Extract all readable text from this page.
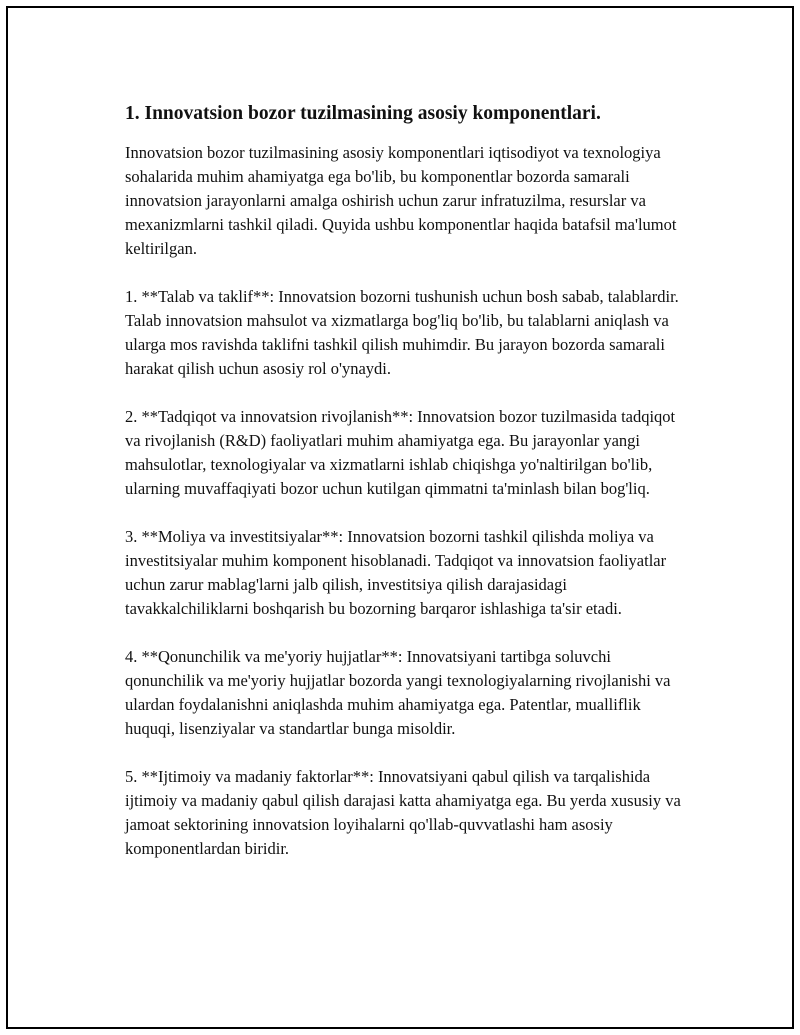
1. Innovatsion bozor tuzilmasining asosiy komponentlari.

Innovatsion bozor tuzilmasining asosiy komponentlari iqtisodiyot va texnologiya sohalarida muhim ahamiyatga ega bo'lib, bu komponentlar bozorda samarali innovatsion jarayonlarni amalga oshirish uchun zarur infratuzilma, resurslar va mexanizmlarni tashkil qiladi. Quyida ushbu komponentlar haqida batafsil ma'lumot keltirilgan.

1. **Talab va taklif**: Innovatsion bozorni tushunish uchun bosh sabab, talablardir. Talab innovatsion mahsulot va xizmatlarga bog'liq bo'lib, bu talablarni aniqlash va ularga mos ravishda taklifni tashkil qilish muhimdir. Bu jarayon bozorda samarali harakat qilish uchun asosiy rol o'ynaydi.

2. **Tadqiqot va innovatsion rivojlanish**: Innovatsion bozor tuzilmasida tadqiqot va rivojlanish (R&D) faoliyatlari muhim ahamiyatga ega. Bu jarayonlar yangi mahsulotlar, texnologiyalar va xizmatlarni ishlab chiqishga yo'naltirilgan bo'lib, ularning muvaffaqiyati bozor uchun kutilgan qimmatni ta'minlash bilan bog'liq.

3. **Moliya va investitsiyalar**: Innovatsion bozorni tashkil qilishda moliya va investitsiyalar muhim komponent hisoblanadi. Tadqiqot va innovatsion faoliyatlar uchun zarur mablag'larni jalb qilish, investitsiya qilish darajasidagi tavakkalchiliklarni boshqarish bu bozorning barqaror ishlashiga ta'sir etadi.

4. **Qonunchilik va me'yoriy hujjatlar**: Innovatsiyani tartibga soluvchi qonunchilik va me'yoriy hujjatlar bozorda yangi texnologiyalarning rivojlanishi va ulardan foydalanishni aniqlashda muhim ahamiyatga ega. Patentlar, mualliflik huquqi, lisenziyalar va standartlar bunga misoldir.

5. **Ijtimoiy va madaniy faktorlar**: Innovatsiyani qabul qilish va tarqalishida ijtimoiy va madaniy qabul qilish darajasi katta ahamiyatga ega. Bu yerda xususiy va jamoat sektorining innovatsion loyihalarni qo'llab-quvvatlashi ham asosiy komponentlardan biridir.
